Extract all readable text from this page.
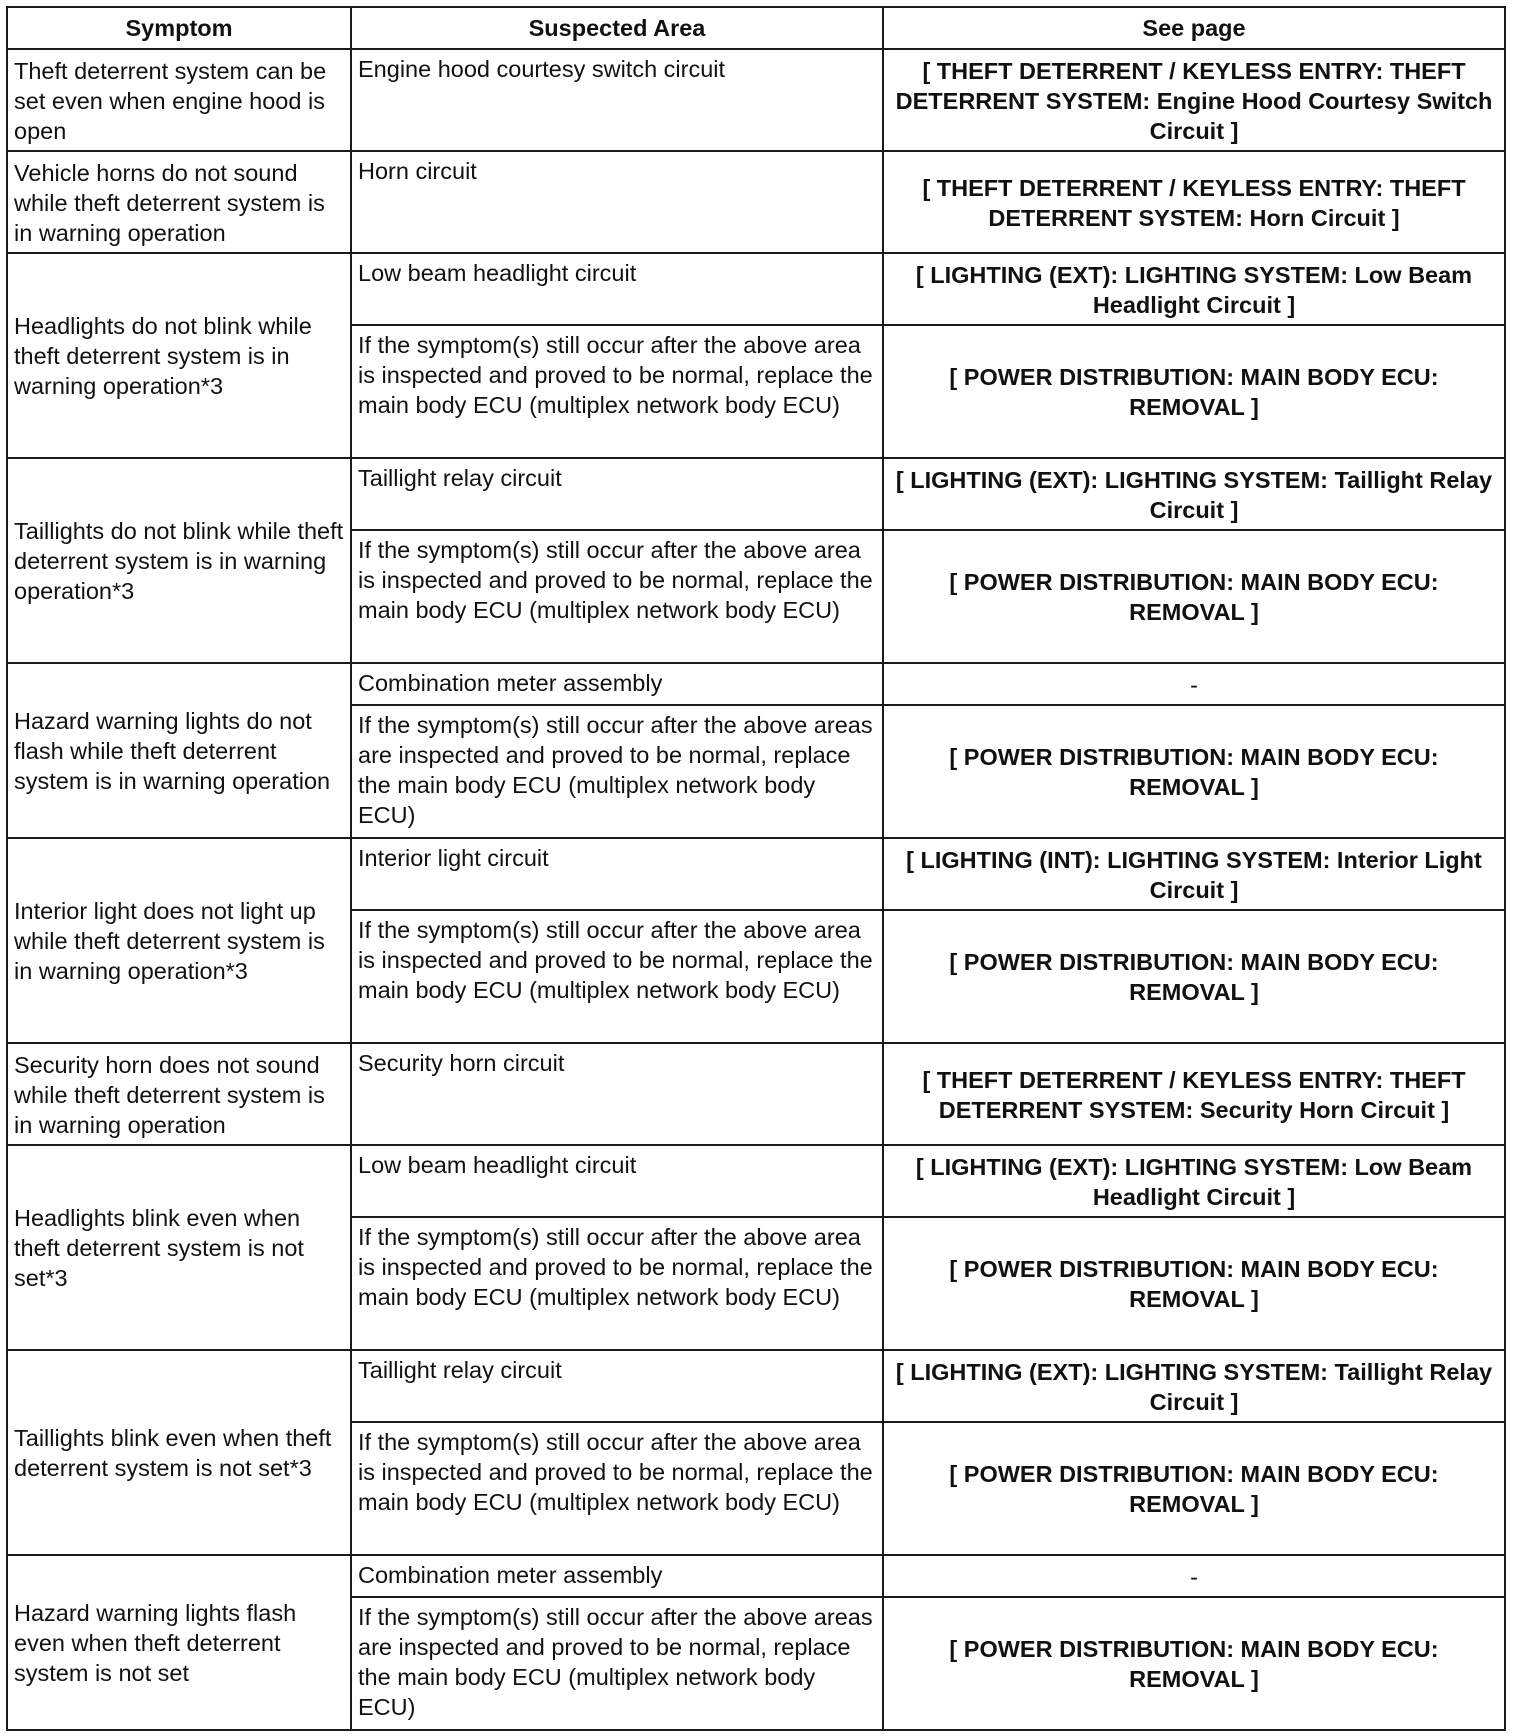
Symptom	Suspected Area	See page
Theft deterrent system can be set even when engine hood is open	Engine hood courtesy switch circuit	[ THEFT DETERRENT / KEYLESS ENTRY: THEFT DETERRENT SYSTEM: Engine Hood Courtesy Switch Circuit ]
Vehicle horns do not sound while theft deterrent system is in warning operation	Horn circuit	[ THEFT DETERRENT / KEYLESS ENTRY: THEFT DETERRENT SYSTEM: Horn Circuit ]
Headlights do not blink while theft deterrent system is in warning operation*3	Low beam headlight circuit	[ LIGHTING (EXT): LIGHTING SYSTEM: Low Beam Headlight Circuit ]
	If the symptom(s) still occur after the above area is inspected and proved to be normal, replace the main body ECU (multiplex network body ECU)	[ POWER DISTRIBUTION: MAIN BODY ECU: REMOVAL ]
Taillights do not blink while theft deterrent system is in warning operation*3	Taillight relay circuit	[ LIGHTING (EXT): LIGHTING SYSTEM: Taillight Relay Circuit ]
	If the symptom(s) still occur after the above area is inspected and proved to be normal, replace the main body ECU (multiplex network body ECU)	[ POWER DISTRIBUTION: MAIN BODY ECU: REMOVAL ]
Hazard warning lights do not flash while theft deterrent system is in warning operation	Combination meter assembly	-
	If the symptom(s) still occur after the above areas are inspected and proved to be normal, replace the main body ECU (multiplex network body ECU)	[ POWER DISTRIBUTION: MAIN BODY ECU: REMOVAL ]
Interior light does not light up while theft deterrent system is in warning operation*3	Interior light circuit	[ LIGHTING (INT): LIGHTING SYSTEM: Interior Light Circuit ]
	If the symptom(s) still occur after the above area is inspected and proved to be normal, replace the main body ECU (multiplex network body ECU)	[ POWER DISTRIBUTION: MAIN BODY ECU: REMOVAL ]
Security horn does not sound while theft deterrent system is in warning operation	Security horn circuit	[ THEFT DETERRENT / KEYLESS ENTRY: THEFT DETERRENT SYSTEM: Security Horn Circuit ]
Headlights blink even when theft deterrent system is not set*3	Low beam headlight circuit	[ LIGHTING (EXT): LIGHTING SYSTEM: Low Beam Headlight Circuit ]
	If the symptom(s) still occur after the above area is inspected and proved to be normal, replace the main body ECU (multiplex network body ECU)	[ POWER DISTRIBUTION: MAIN BODY ECU: REMOVAL ]
Taillights blink even when theft deterrent system is not set*3	Taillight relay circuit	[ LIGHTING (EXT): LIGHTING SYSTEM: Taillight Relay Circuit ]
	If the symptom(s) still occur after the above area is inspected and proved to be normal, replace the main body ECU (multiplex network body ECU)	[ POWER DISTRIBUTION: MAIN BODY ECU: REMOVAL ]
Hazard warning lights flash even when theft deterrent system is not set	Combination meter assembly	-
	If the symptom(s) still occur after the above areas are inspected and proved to be normal, replace the main body ECU (multiplex network body ECU)	[ POWER DISTRIBUTION: MAIN BODY ECU: REMOVAL ]
